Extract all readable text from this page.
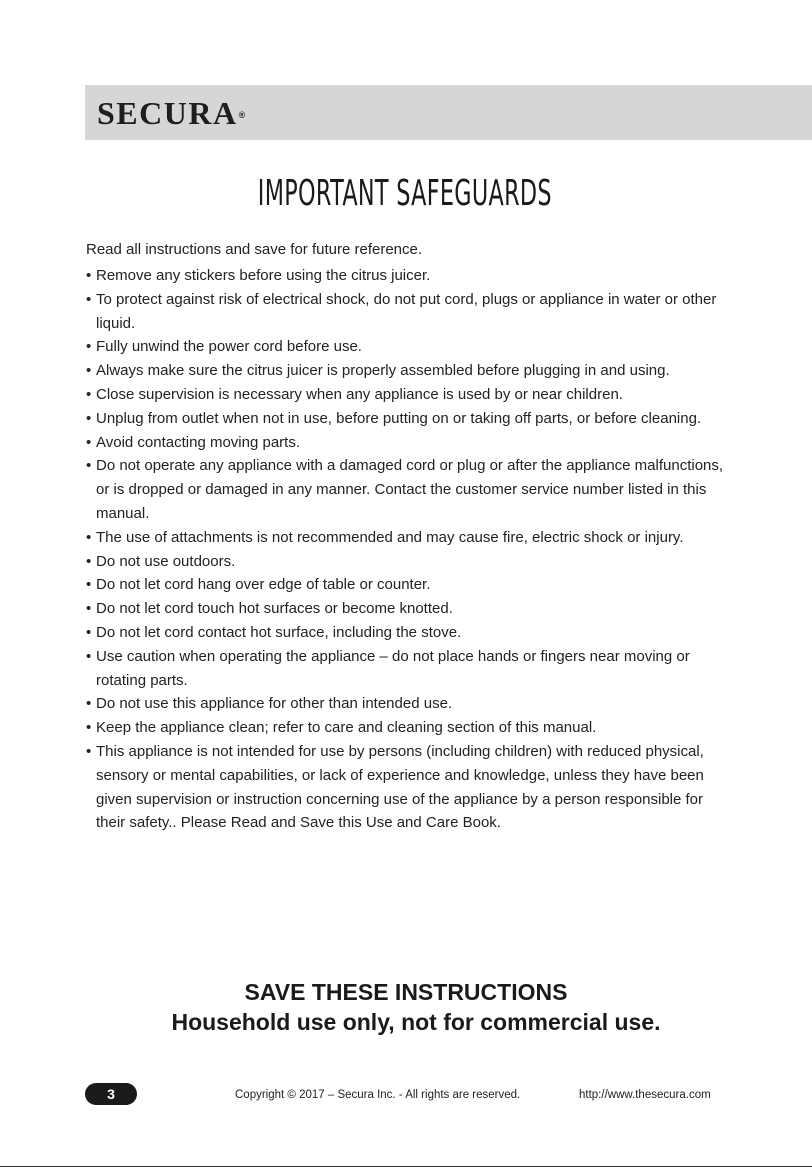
SECURA®
IMPORTANT SAFEGUARDS
Read all instructions and save for future reference.
• Remove any stickers before using the citrus juicer.
• To protect against risk of electrical shock, do not put cord, plugs or appliance in water or other liquid.
• Fully unwind the power cord before use.
• Always make sure the citrus juicer is properly assembled before plugging in and using.
• Close supervision is necessary when any appliance is used by or near children.
• Unplug from outlet when not in use, before putting on or taking off parts, or before cleaning.
• Avoid contacting moving parts.
• Do not operate any appliance with a damaged cord or plug or after the appliance malfunctions, or is dropped or damaged in any manner. Contact the customer service number listed in this manual.
• The use of attachments is not recommended and may cause fire, electric shock or injury.
• Do not use outdoors.
• Do not let cord hang over edge of table or counter.
• Do not let cord touch hot surfaces or become knotted.
• Do not let cord contact hot surface, including the stove.
• Use caution when operating the appliance – do not place hands or fingers near moving or rotating parts.
• Do not use this appliance for other than intended use.
• Keep the appliance clean; refer to care and cleaning section of this manual.
• This appliance is not intended for use by persons (including children) with reduced physical, sensory or mental capabilities, or lack of experience and knowledge, unless they have been given supervision or instruction concerning use of the appliance by a person responsible for their safety.. Please Read and Save this Use and Care Book.
SAVE THESE INSTRUCTIONS
Household use only, not for commercial use.
3	Copyright © 2017 – Secura Inc. - All rights are reserved.	http://www.thesecura.com
